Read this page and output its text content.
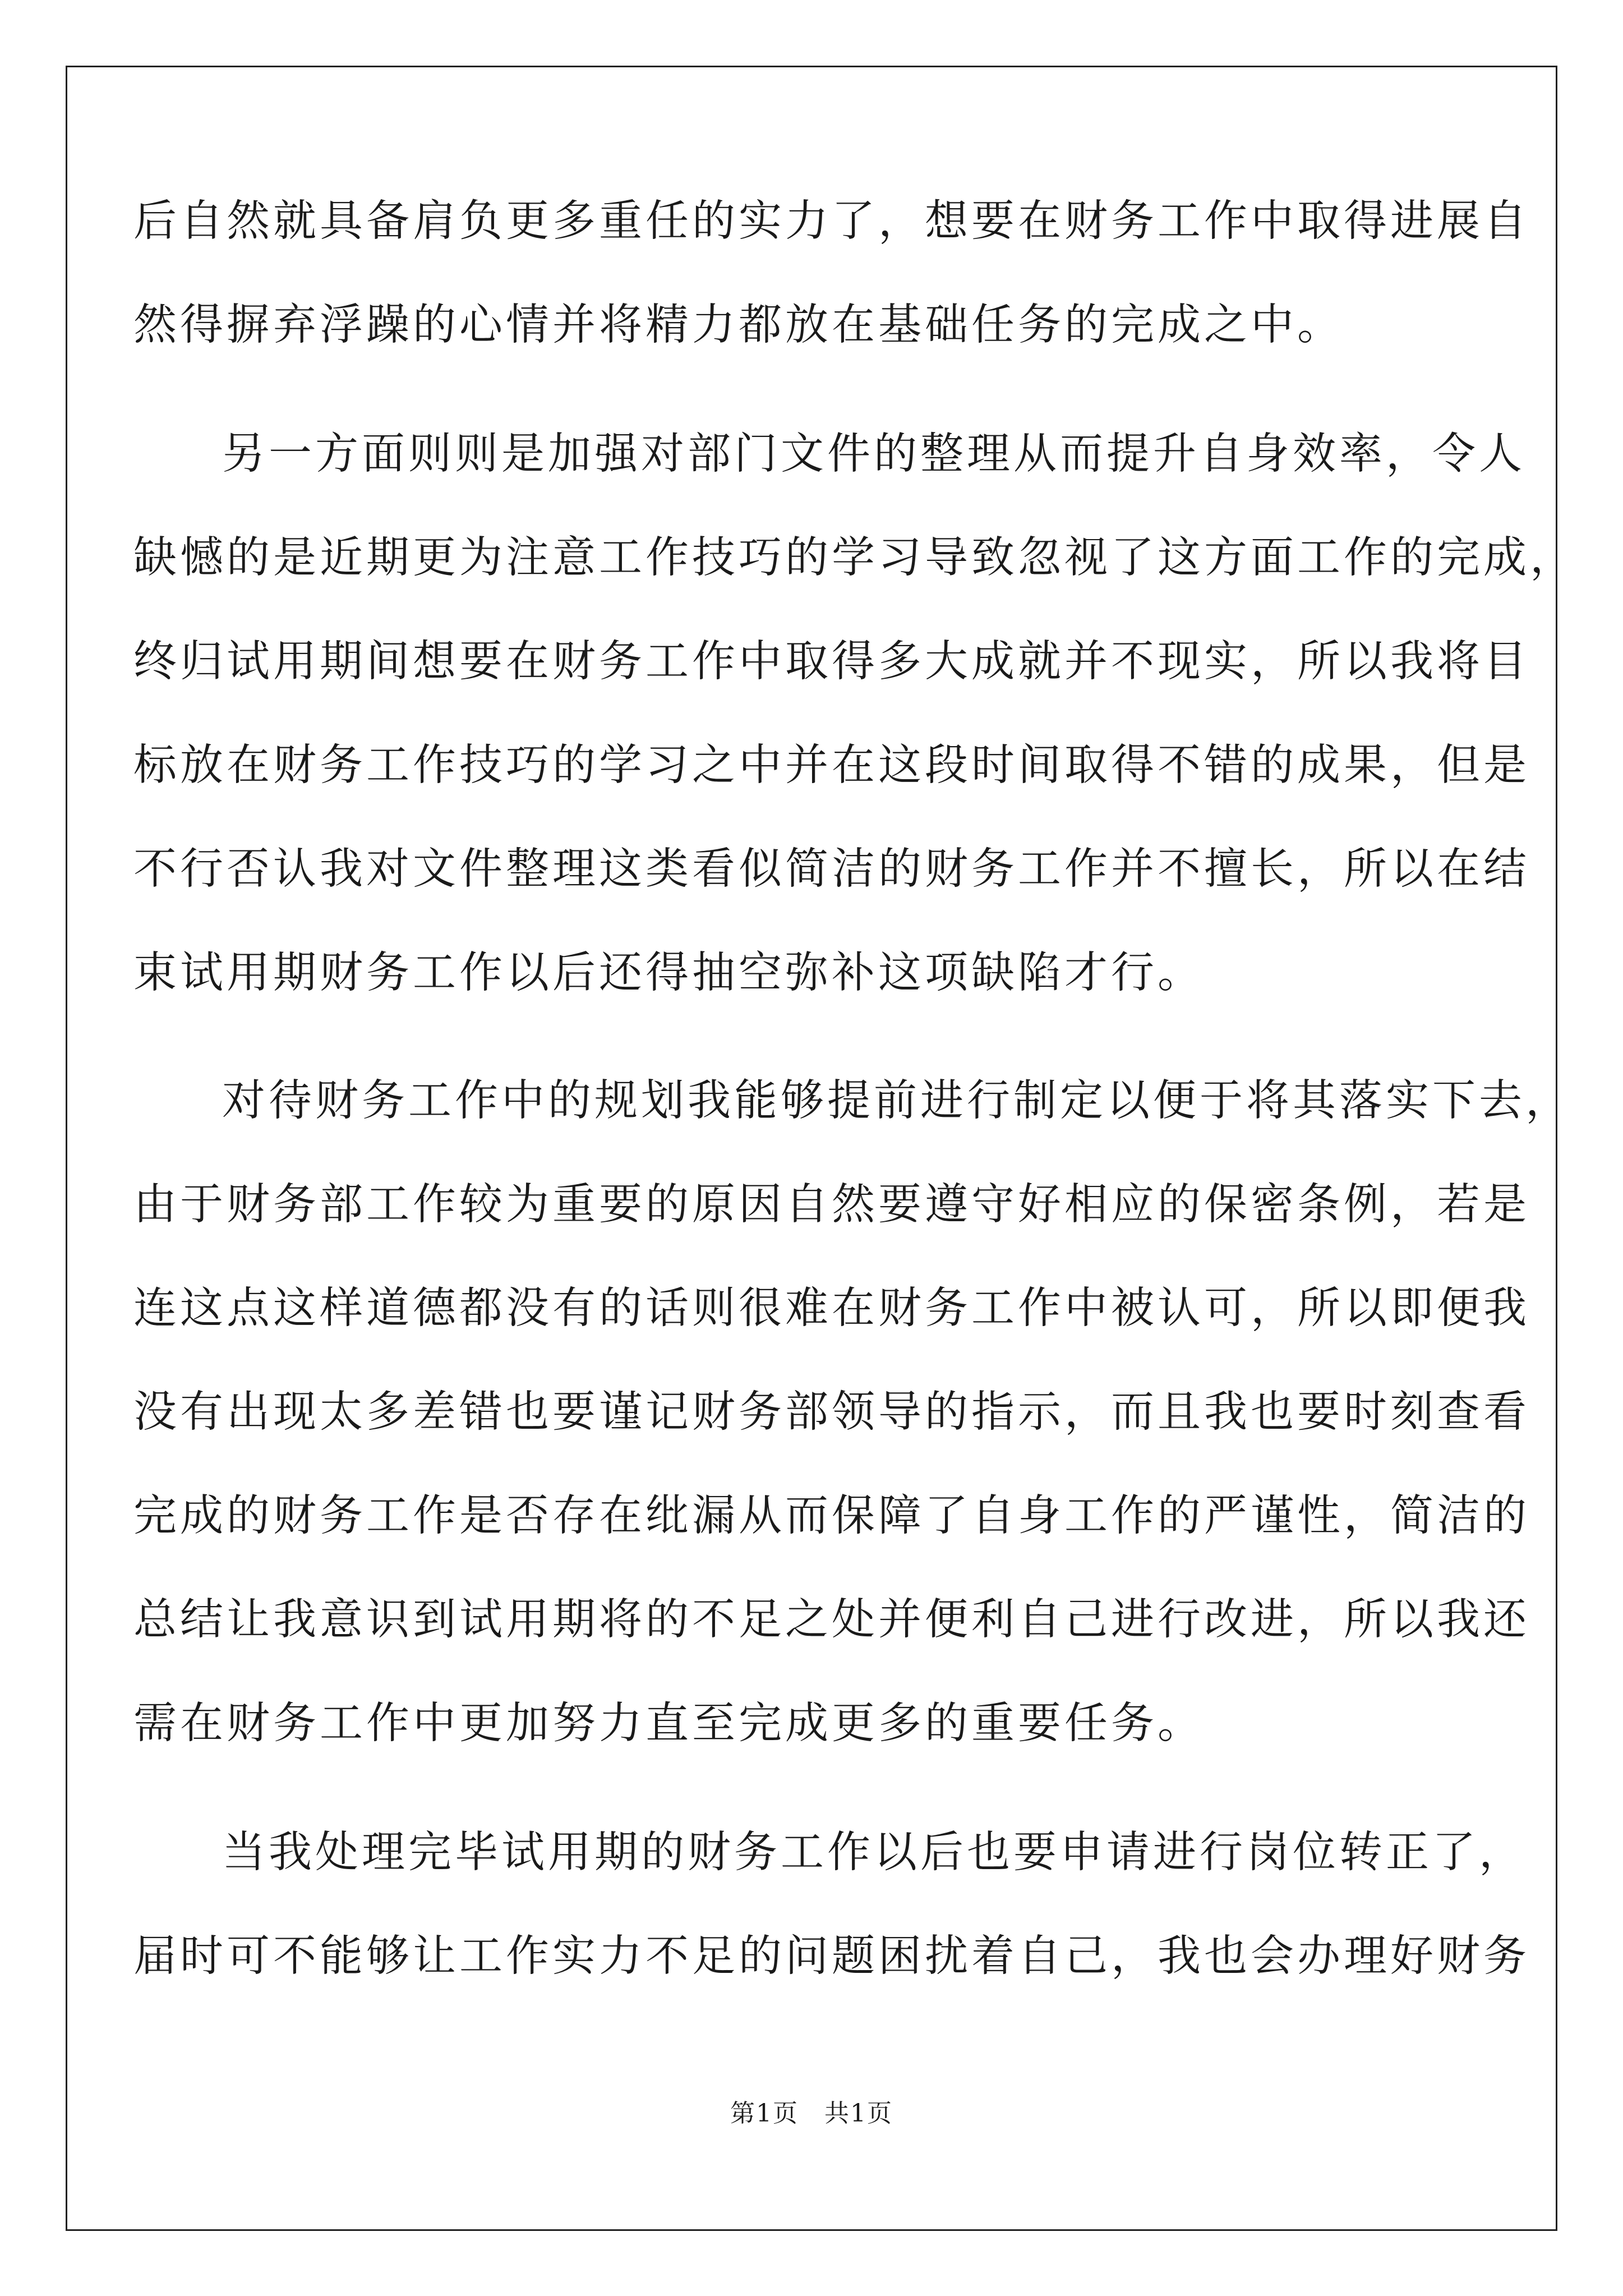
后自然就具备肩负更多重任的实力了，想要在财务工作中取得进展自
然得摒弃浮躁的心情并将精力都放在基础任务的完成之中。
另一方面则则是加强对部门文件的整理从而提升自身效率，令人
缺憾的是近期更为注意工作技巧的学习导致忽视了这方面工作的完成，
终归试用期间想要在财务工作中取得多大成就并不现实，所以我将目
标放在财务工作技巧的学习之中并在这段时间取得不错的成果，但是
不行否认我对文件整理这类看似简洁的财务工作并不擅长，所以在结
束试用期财务工作以后还得抽空弥补这项缺陷才行。
对待财务工作中的规划我能够提前进行制定以便于将其落实下去，
由于财务部工作较为重要的原因自然要遵守好相应的保密条例，若是
连这点这样道德都没有的话则很难在财务工作中被认可，所以即便我
没有出现太多差错也要谨记财务部领导的指示，而且我也要时刻查看
完成的财务工作是否存在纰漏从而保障了自身工作的严谨性，简洁的
总结让我意识到试用期将的不足之处并便利自己进行改进，所以我还
需在财务工作中更加努力直至完成更多的重要任务。
当我处理完毕试用期的财务工作以后也要申请进行岗位转正了，
届时可不能够让工作实力不足的问题困扰着自己，我也会办理好财务
第1页 共1页
